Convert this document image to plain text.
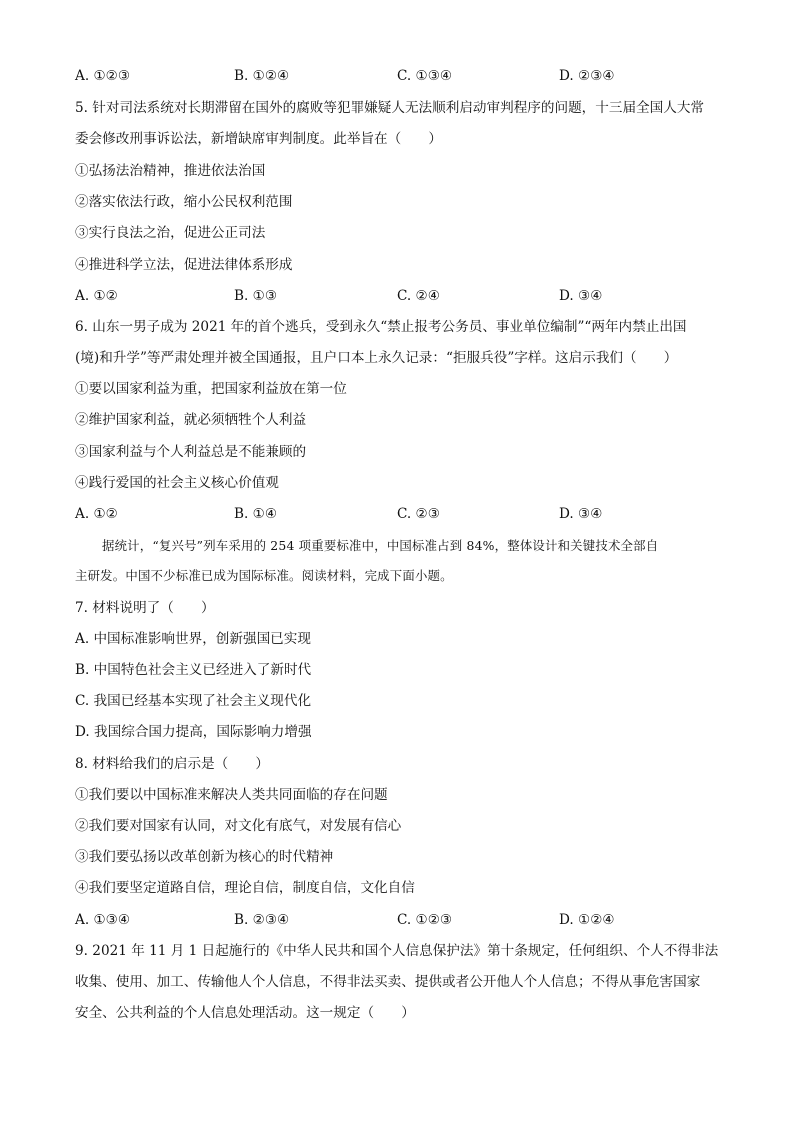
A. ①②③	B. ①②④	C. ①③④	D. ②③④
5. 针对司法系统对长期滞留在国外的腐败等犯罪嫌疑人无法顺利启动审判程序的问题，十三届全国人大常
委会修改刑事诉讼法，新增缺席审判制度。此举旨在（　　）
①弘扬法治精神，推进依法治国
②落实依法行政，缩小公民权利范围
③实行良法之治，促进公正司法
④推进科学立法，促进法律体系形成
A. ①②	B. ①③	C. ②④	D. ③④
6. 山东一男子成为 2021 年的首个逃兵，受到永久“禁止报考公务员、事业单位编制”“两年内禁止出国
(境)和升学”等严肃处理并被全国通报，且户口本上永久记录：“拒服兵役”字样。这启示我们（　　）
①要以国家利益为重，把国家利益放在第一位
②维护国家利益，就必须牺牲个人利益
③国家利益与个人利益总是不能兼顾的
④践行爱国的社会主义核心价值观
A. ①②	B. ①④	C. ②③	D. ③④
据统计，“复兴号”列车采用的 254 项重要标准中，中国标准占到 84%，整体设计和关键技术全部自
主研发。中国不少标准已成为国际标准。阅读材料，完成下面小题。
7. 材料说明了（　　）
A. 中国标准影响世界，创新强国已实现
B. 中国特色社会主义已经进入了新时代
C. 我国已经基本实现了社会主义现代化
D. 我国综合国力提高，国际影响力增强
8. 材料给我们的启示是（　　）
①我们要以中国标准来解决人类共同面临的存在问题
②我们要对国家有认同，对文化有底气，对发展有信心
③我们要弘扬以改革创新为核心的时代精神
④我们要坚定道路自信，理论自信，制度自信，文化自信
A. ①③④	B. ②③④	C. ①②③	D. ①②④
9. 2021 年 11 月 1 日起施行的《中华人民共和国个人信息保护法》第十条规定，任何组织、个人不得非法
收集、使用、加工、传输他人个人信息，不得非法买卖、提供或者公开他人个人信息；不得从事危害国家
安全、公共利益的个人信息处理活动。这一规定（　　）
